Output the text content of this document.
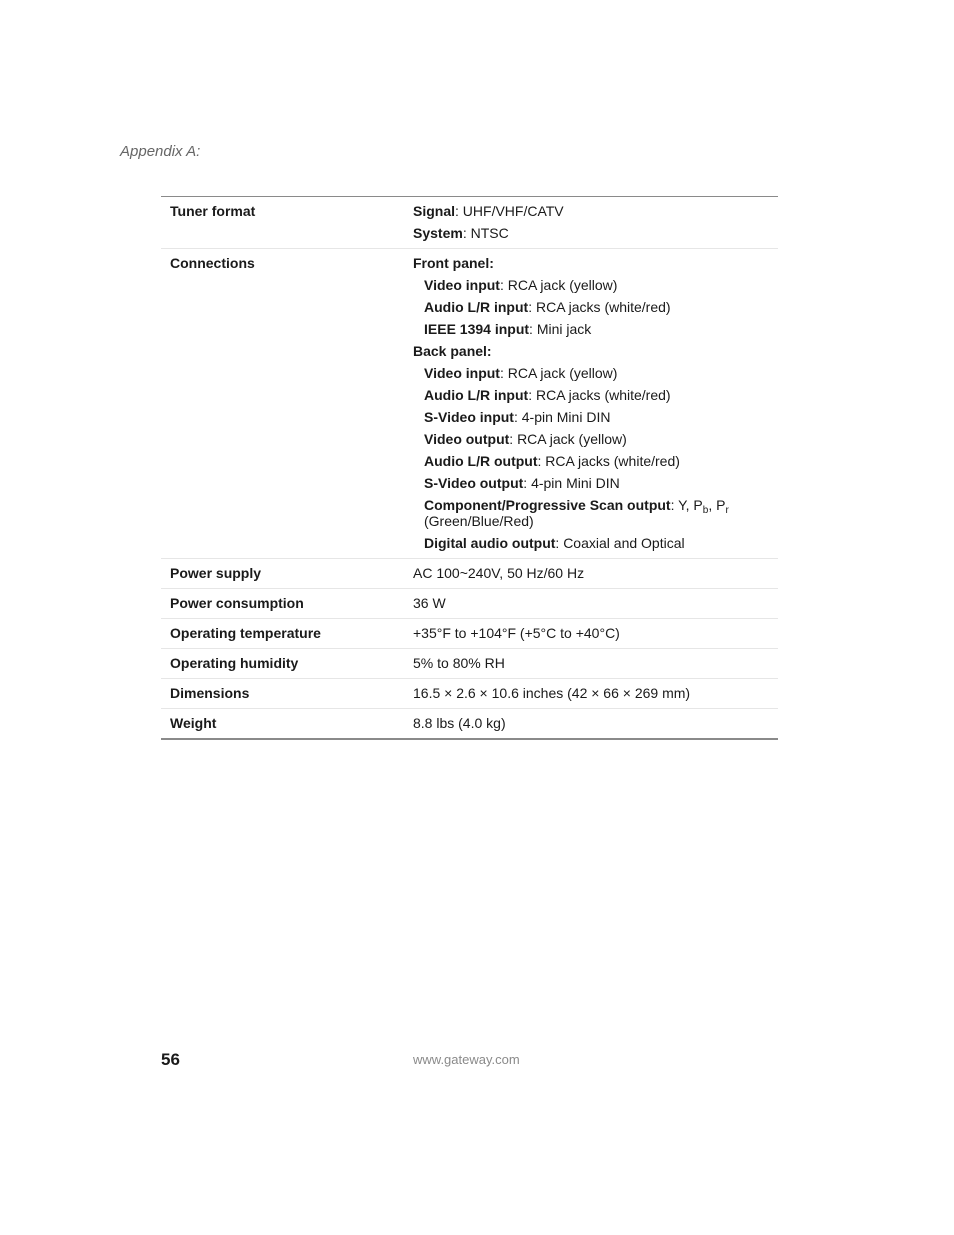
Appendix A:
Tuner format	Signal: UHF/VHF/CATV
System: NTSC
Connections	Front panel:
Video input: RCA jack (yellow)
Audio L/R input: RCA jacks (white/red)
IEEE 1394 input: Mini jack
Back panel:
Video input: RCA jack (yellow)
Audio L/R input: RCA jacks (white/red)
S-Video input: 4-pin Mini DIN
Video output: RCA jack (yellow)
Audio L/R output: RCA jacks (white/red)
S-Video output: 4-pin Mini DIN
Component/Progressive Scan output: Y, $P_b$, $P_r$
(Green/Blue/Red)
Digital audio output: Coaxial and Optical
Power supply	AC 100~240V, 50 Hz/60 Hz
Power consumption	36 W
Operating temperature	+35°F to +104°F (+5°C to +40°C)
Operating humidity	5% to 80% RH
Dimensions	16.5 × 2.6 × 10.6 inches (42 × 66 × 269 mm)
Weight	8.8 lbs (4.0 kg)
56	www.gateway.com
